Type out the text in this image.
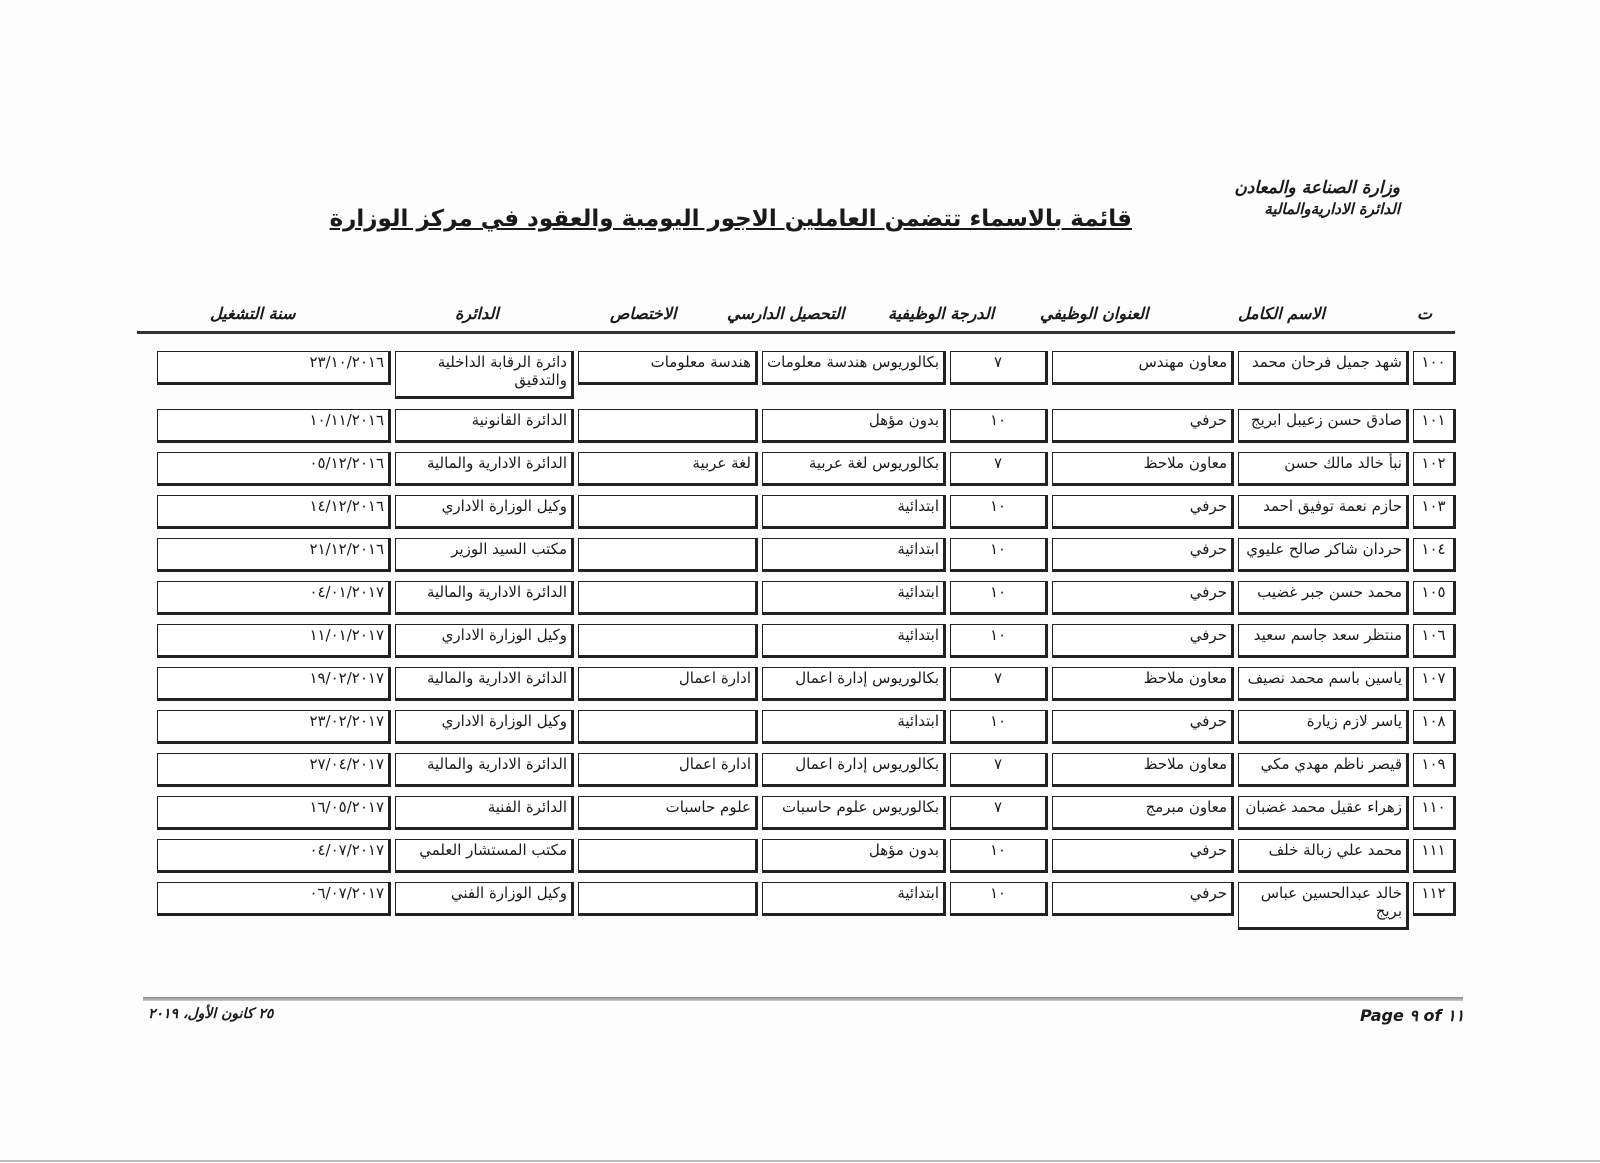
وزارة الصناعة والمعادن
الدائرة الاداريةوالمالية
قائمة بالاسماء تتضمن العاملين الاجور اليومية والعقود في مركز الوزارة
ت
الاسم الكامل
العنوان الوظيفي
الدرجة الوظيفية
التحصيل الدارسي
الاختصاص
الدائرة
سنة التشغيل
١٠٠
شهد جميل فرحان محمد
معاون مهندس
٧
بكالوريوس هندسة معلومات
هندسة معلومات
دائرة الرقابة الداخلية والتدقيق
٢٣/١٠/٢٠١٦
١٠١
صادق حسن زعيبل ابريج
حرفي
١٠
بدون مؤهل
الدائرة القانونية
١٠/١١/٢٠١٦
١٠٢
نبأ خالد مالك حسن
معاون ملاحظ
٧
بكالوريوس لغة عربية
لغة عربية
الدائرة الادارية والمالية
٠٥/١٢/٢٠١٦
١٠٣
حازم نعمة توفيق احمد
حرفي
١٠
ابتدائية
وكيل الوزارة الاداري
١٤/١٢/٢٠١٦
١٠٤
حردان شاكر صالح عليوي
حرفي
١٠
ابتدائية
مكتب السيد الوزير
٢١/١٢/٢٠١٦
١٠٥
محمد حسن جبر غضيب
حرفي
١٠
ابتدائية
الدائرة الادارية والمالية
٠٤/٠١/٢٠١٧
١٠٦
منتظر سعد جاسم سعيد
حرفي
١٠
ابتدائية
وكيل الوزارة الاداري
١١/٠١/٢٠١٧
١٠٧
ياسين باسم محمد نصيف
معاون ملاحظ
٧
بكالوريوس إدارة اعمال
ادارة اعمال
الدائرة الادارية والمالية
١٩/٠٢/٢٠١٧
١٠٨
ياسر لازم زيارة
حرفي
١٠
ابتدائية
وكيل الوزارة الاداري
٢٣/٠٢/٢٠١٧
١٠٩
قيصر ناظم مهدي مكي
معاون ملاحظ
٧
بكالوريوس إدارة اعمال
ادارة اعمال
الدائرة الادارية والمالية
٢٧/٠٤/٢٠١٧
١١٠
زهراء عقيل محمد غضبان
معاون مبرمج
٧
بكالوريوس علوم حاسبات
علوم حاسبات
الدائرة الفنية
١٦/٠٥/٢٠١٧
١١١
محمد علي زبالة خلف
حرفي
١٠
بدون مؤهل
مكتب المستشار العلمي
٠٤/٠٧/٢٠١٧
١١٢
خالد عبدالحسين عباس بريج
حرفي
١٠
ابتدائية
وكيل الوزارة الفني
٠٦/٠٧/٢٠١٧
Page ٩ of ١١
٢٥ كانون الأول، ٢٠١٩
